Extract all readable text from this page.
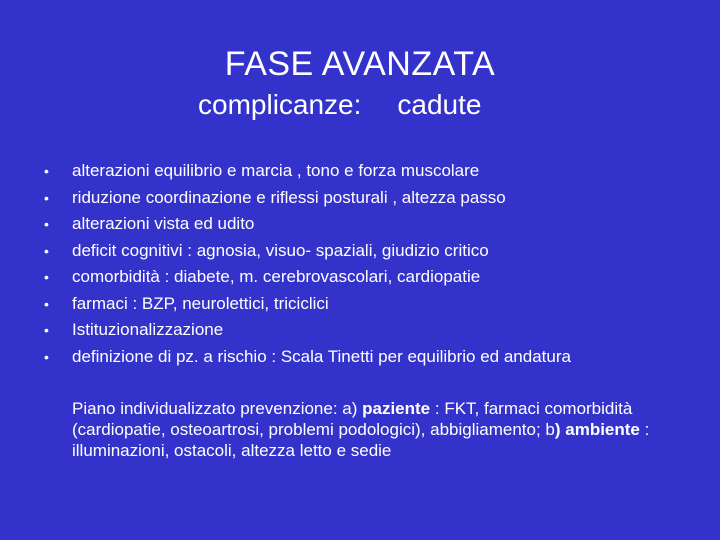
FASE AVANZATA
complicanze: cadute
• alterazioni equilibrio e marcia , tono e forza muscolare
• riduzione coordinazione e riflessi posturali , altezza passo
• alterazioni vista ed udito
• deficit cognitivi : agnosia, visuo- spaziali, giudizio critico
• comorbidità : diabete, m. cerebrovascolari, cardiopatie
• farmaci : BZP, neurolettici, triciclici
• Istituzionalizzazione
• definizione di pz. a rischio : Scala Tinetti per equilibrio ed andatura
Piano individualizzato prevenzione: a) paziente : FKT, farmaci comorbidità (cardiopatie, osteoartrosi, problemi podologici), abbigliamento; b) ambiente : illuminazioni, ostacoli, altezza letto e sedie
